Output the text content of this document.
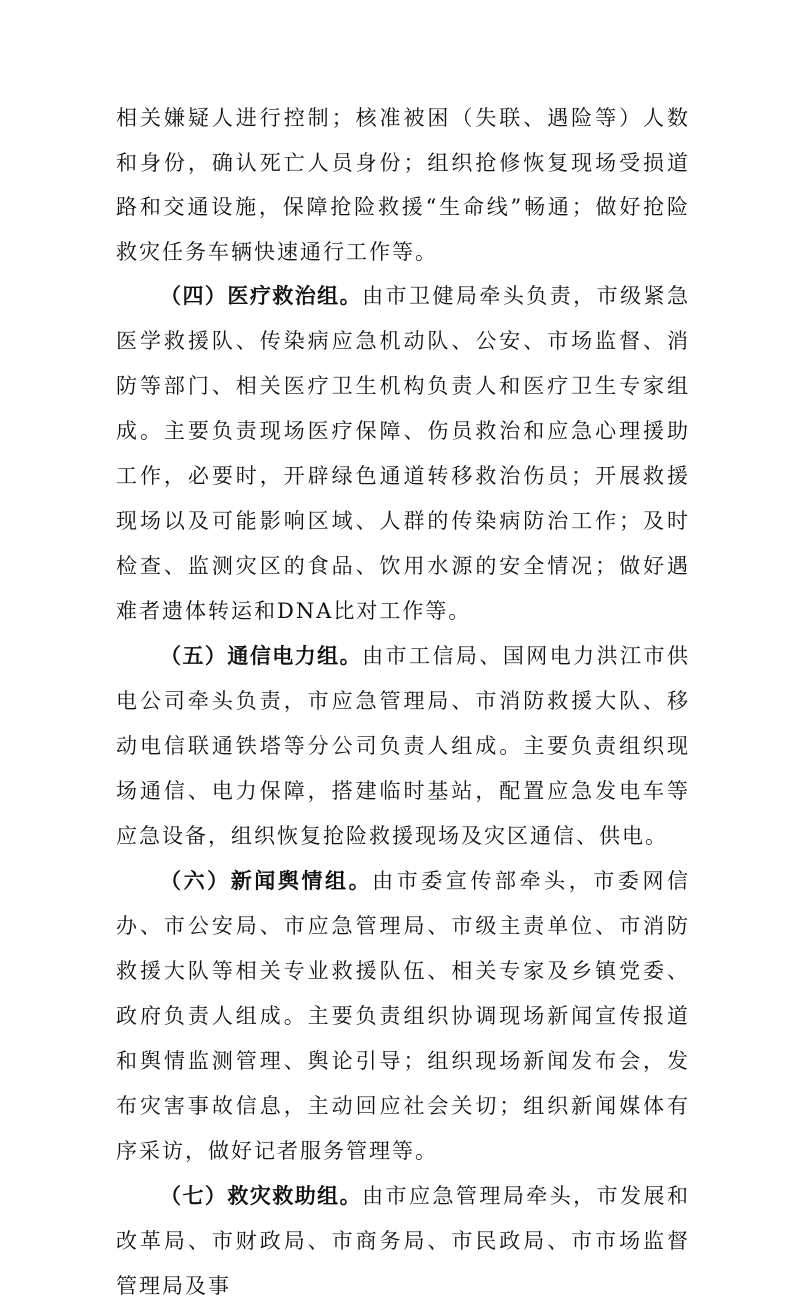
相关嫌疑人进行控制；核准被困（失联、遇险等）人数和身份，确认死亡人员身份；组织抢修恢复现场受损道路和交通设施，保障抢险救援“生命线”畅通；做好抢险救灾任务车辆快速通行工作等。

（四）医疗救治组。由市卫健局牵头负责，市级紧急医学救援队、传染病应急机动队、公安、市场监督、消防等部门、相关医疗卫生机构负责人和医疗卫生专家组成。主要负责现场医疗保障、伤员救治和应急心理援助工作，必要时，开辟绿色通道转移救治伤员；开展救援现场以及可能影响区域、人群的传染病防治工作；及时检查、监测灾区的食品、饮用水源的安全情况；做好遇难者遗体转运和DNA比对工作等。

（五）通信电力组。由市工信局、国网电力洪江市供电公司牵头负责，市应急管理局、市消防救援大队、移动电信联通铁塔等分公司负责人组成。主要负责组织现场通信、电力保障，搭建临时基站，配置应急发电车等应急设备，组织恢复抢险救援现场及灾区通信、供电。

（六）新闻舆情组。由市委宣传部牵头，市委网信办、市公安局、市应急管理局、市级主责单位、市消防救援大队等相关专业救援队伍、相关专家及乡镇党委、政府负责人组成。主要负责组织协调现场新闻宣传报道和舆情监测管理、舆论引导；组织现场新闻发布会，发布灾害事故信息，主动回应社会关切；组织新闻媒体有序采访，做好记者服务管理等。

（七）救灾救助组。由市应急管理局牵头，市发展和改革局、市财政局、市商务局、市民政局、市市场监督管理局及事
